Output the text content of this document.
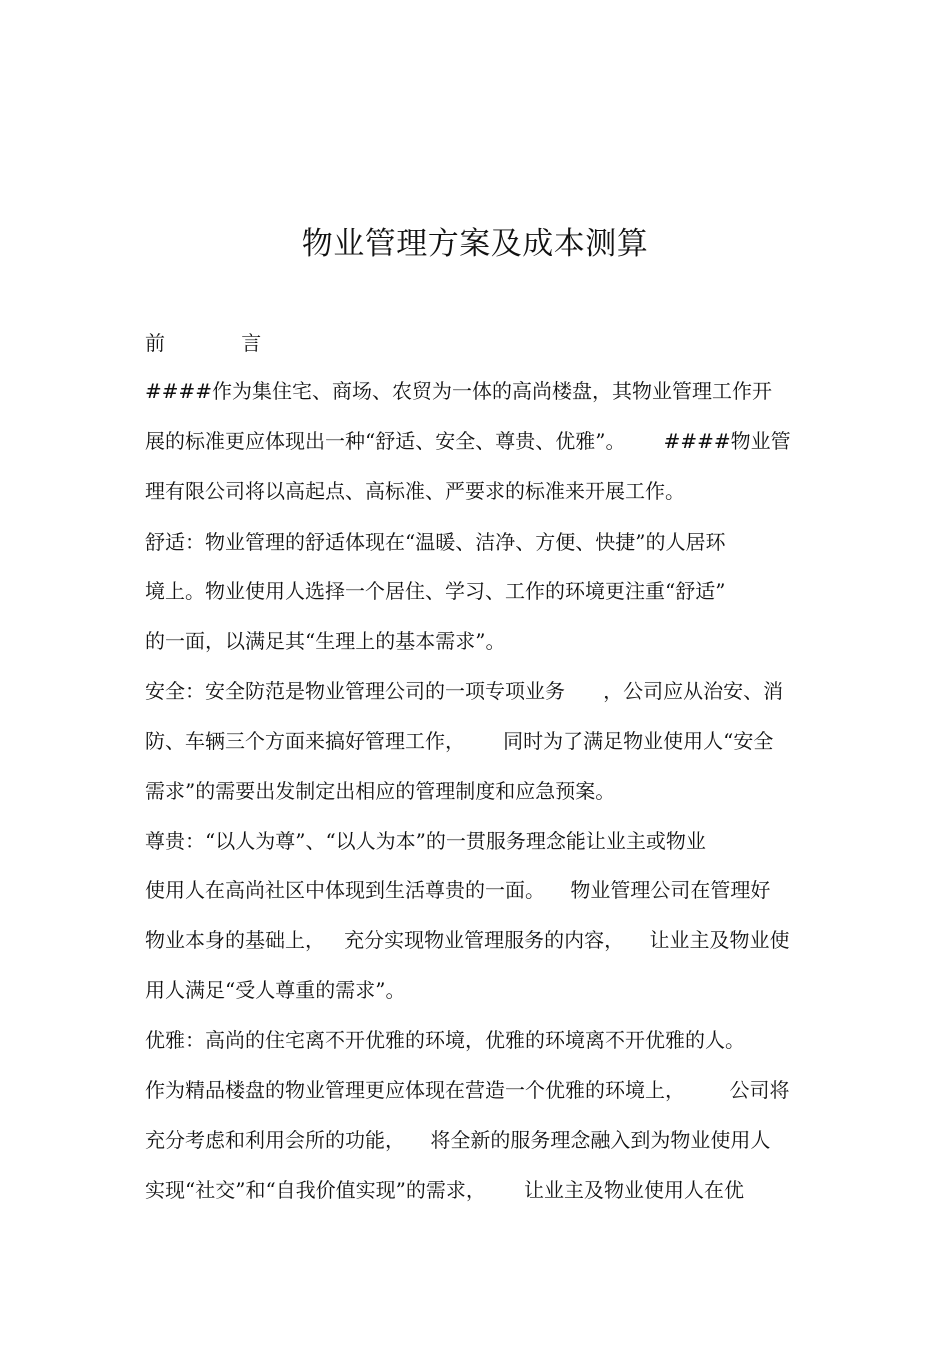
物业管理方案及成本测算
前            言
####作为集住宅、商场、农贸为一体的高尚楼盘，其物业管理工作开
展的标准更应体现出一种“舒适、安全、尊贵、优雅”。      ####物业管
理有限公司将以高起点、高标准、严要求的标准来开展工作。
舒适：物业管理的舒适体现在“温暖、洁净、方便、快捷”的人居环
境上。物业使用人选择一个居住、学习、工作的环境更注重“舒适”
的一面，以满足其“生理上的基本需求”。
安全：安全防范是物业管理公司的一项专项业务      ，公司应从治安、消
防、车辆三个方面来搞好管理工作，      同时为了满足物业使用人“安全
需求”的需要出发制定出相应的管理制度和应急预案。
尊贵：“以人为尊”、“以人为本”的一贯服务理念能让业主或物业
使用人在高尚社区中体现到生活尊贵的一面。    物业管理公司在管理好
物业本身的基础上，   充分实现物业管理服务的内容，    让业主及物业使
用人满足“受人尊重的需求”。
优雅：高尚的住宅离不开优雅的环境，优雅的环境离不开优雅的人。
作为精品楼盘的物业管理更应体现在营造一个优雅的环境上，       公司将
充分考虑和利用会所的功能，    将全新的服务理念融入到为物业使用人
实现“社交”和“自我价值实现”的需求，      让业主及物业使用人在优
